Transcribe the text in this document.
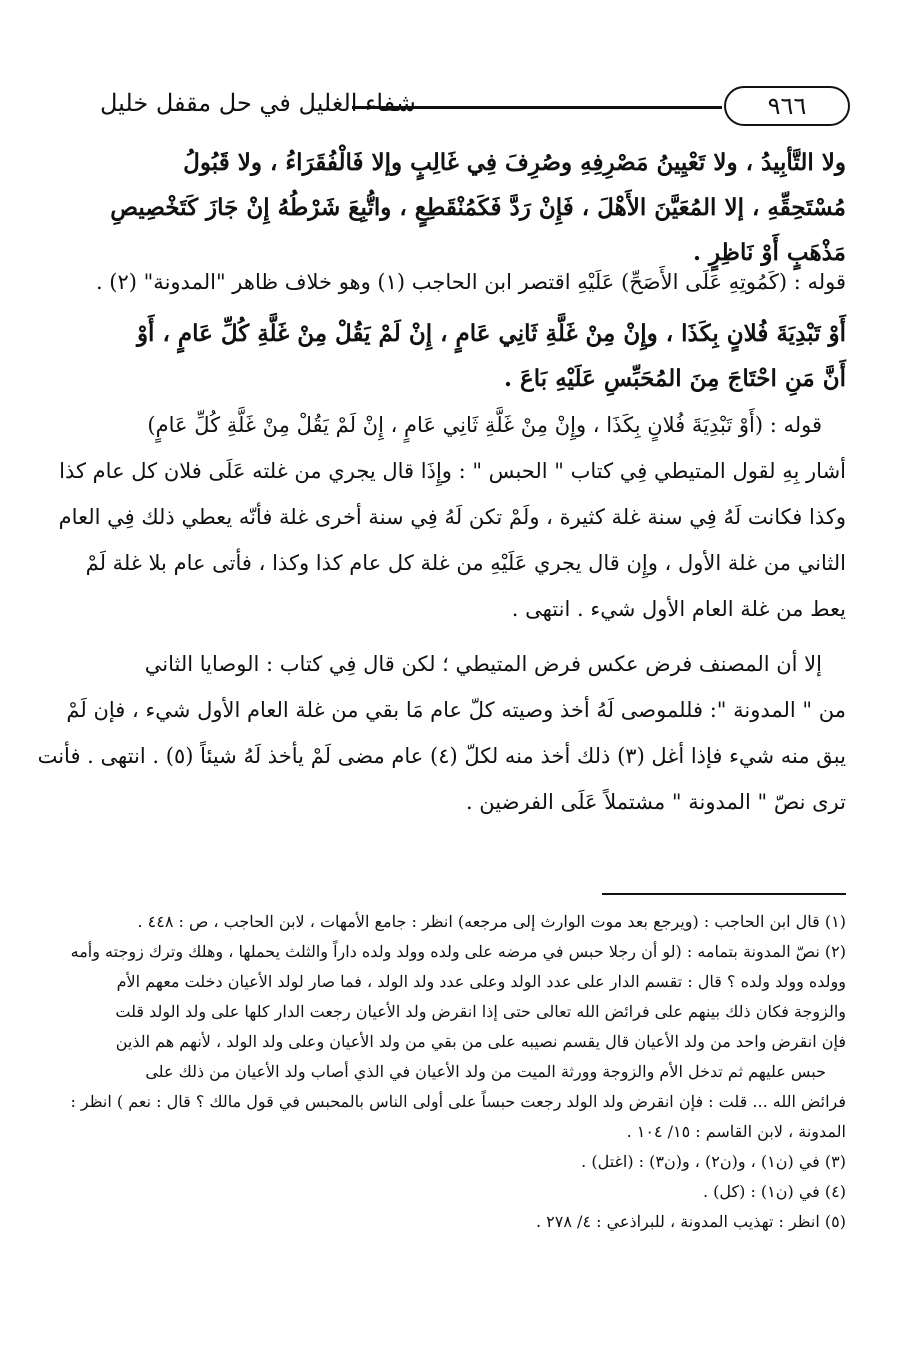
٩٦٦
شفاء الغليل في حل مقفل خليل
ولا التَّأبِيدُ ، ولا تَعْيِينُ مَصْرِفِهِ وصُرِفَ فِي غَالِبٍ وإلا فَالْفُقَرَاءُ ، ولا قَبُولُ
مُسْتَحِقِّهِ ، إلا المُعَيَّنَ الأَهْلَ ، فَإِنْ رَدَّ فَكَمُنْقَطِعٍ ، واتُّبِعَ شَرْطُهُ إِنْ جَازَ كَتَخْصِيصِ
مَذْهَبٍ أَوْ نَاظِرٍ .
قوله : (كَمُوتِهِ عَلَى الأَصَحِّ) عَلَيْهِ اقتصر ابن الحاجب (١) وهو خلاف ظاهر "المدونة" (٢) .
أَوْ تَبْدِيَةَ فُلانٍ بِكَذَا ، وإِنْ مِنْ غَلَّةِ ثَانِي عَامٍ ، إِنْ لَمْ يَقُلْ مِنْ غَلَّةِ كُلِّ عَامٍ ، أَوْ
أَنَّ مَنِ احْتَاجَ مِنَ المُحَبِّسِ عَلَيْهِ بَاعَ .
قوله : (أَوْ تَبْدِيَةَ فُلانٍ بِكَذَا ، وإِنْ مِنْ غَلَّةِ ثَانِي عَامٍ ، إِنْ لَمْ يَقُلْ مِنْ غَلَّةِ كُلِّ عَامٍ)
أشار بِهِ لقول المتيطي فِي كتاب " الحبس " : وإِذَا قال يجري من غلته عَلَى فلان كل عام كذا
وكذا فكانت لَهُ فِي سنة غلة كثيرة ، ولَمْ تكن لَهُ فِي سنة أخرى غلة فأنّه يعطي ذلك فِي العام
الثاني من غلة الأول ، وإِن قال يجري عَلَيْهِ من غلة كل عام كذا وكذا ، فأتى عام بلا غلة لَمْ
يعط من غلة العام الأول شيء . انتهى .
إلا أن المصنف فرض عكس فرض المتيطي ؛ لكن قال فِي كتاب : الوصايا الثاني
من " المدونة ": فللموصى لَهُ أخذ وصيته كلّ عام مَا بقي من غلة العام الأول شيء ، فإن لَمْ
يبق منه شيء فإذا أغل (٣) ذلك أخذ منه لكلّ (٤) عام مضى لَمْ يأخذ لَهُ شيئاً (٥) . انتهى . فأنت
ترى نصّ " المدونة " مشتملاً عَلَى الفرضين .
(١) قال ابن الحاجب : (ويرجع بعد موت الوارث إلى مرجعه) انظر : جامع الأمهات ، لابن الحاجب ، ص : ٤٤٨ .
(٢) نصّ المدونة بتمامه : (لو أن رجلا حبس في مرضه على ولده وولد ولده داراً والثلث يحملها ، وهلك وترك زوجته وأمه
وولده وولد ولده ؟ قال : تقسم الدار على عدد الولد وعلى عدد ولد الولد ، فما صار لولد الأعيان دخلت معهم الأم
والزوجة فكان ذلك بينهم على فرائض الله تعالى حتى إذا انقرض ولد الأعيان رجعت الدار كلها على ولد الولد قلت
فإن انقرض واحد من ولد الأعيان قال يقسم نصيبه على من بقي من ولد الأعيان وعلى ولد الولد ، لأنهم هم الذين
حبس عليهم ثم تدخل الأم والزوجة وورثة الميت من ولد الأعيان في الذي أصاب ولد الأعيان من ذلك على
فرائض الله ... قلت : فإن انقرض ولد الولد رجعت حبساً على أولى الناس بالمحبس في قول مالك ؟ قال : نعم ) انظر :
المدونة ، لابن القاسم : ١٥/ ١٠٤ .
(٣) في (ن١) ، و(ن٢) ، و(ن٣) : (اغتل) .
(٤) في (ن١) : (كل) .
(٥) انظر : تهذيب المدونة ، للبراذعي : ٤/ ٢٧٨ .
